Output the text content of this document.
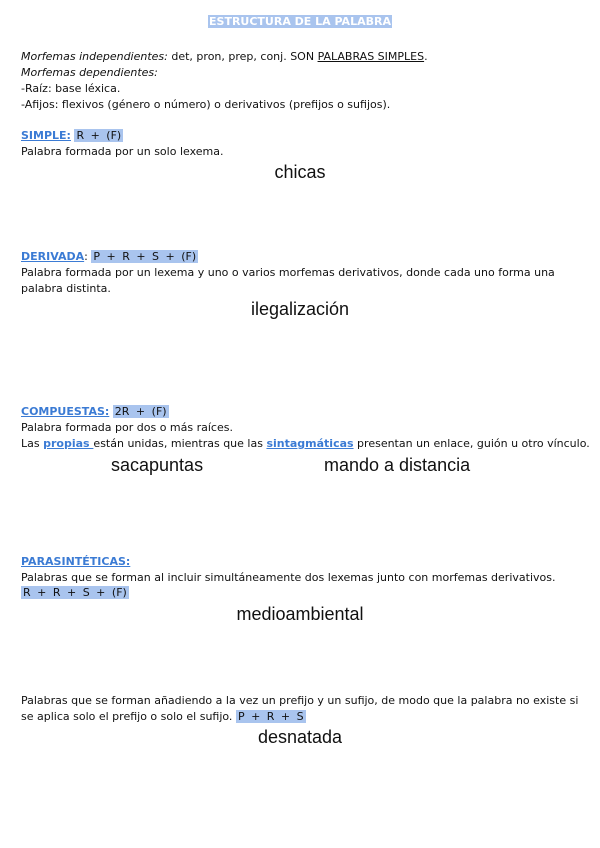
ESTRUCTURA DE LA PALABRA
Morfemas independientes: det, pron, prep, conj. SON PALABRAS SIMPLES.
Morfemas dependientes:
-Raíz: base léxica.
-Afijos: flexivos (género o número) o derivativos (prefijos o sufijos).
SIMPLE: R + (F)
Palabra formada por un solo lexema.
chicas
DERIVADA: P + R + S + (F)
Palabra formada por un lexema y uno o varios morfemas derivativos, donde cada uno forma una
palabra distinta.
ilegalización
COMPUESTAS: 2R + (F)
Palabra formada por dos o más raíces.
Las propias están unidas, mientras que las sintagmáticas presentan un enlace, guión u otro vínculo.
sacapuntas	mando a distancia
PARASINTÉTICAS:
Palabras que se forman al incluir simultáneamente dos lexemas junto con morfemas derivativos.
R + R + S + (F)
medioambiental
Palabras que se forman añadiendo a la vez un prefijo y un sufijo, de modo que la palabra no existe si
se aplica solo el prefijo o solo el sufijo. P + R + S
desnatada
